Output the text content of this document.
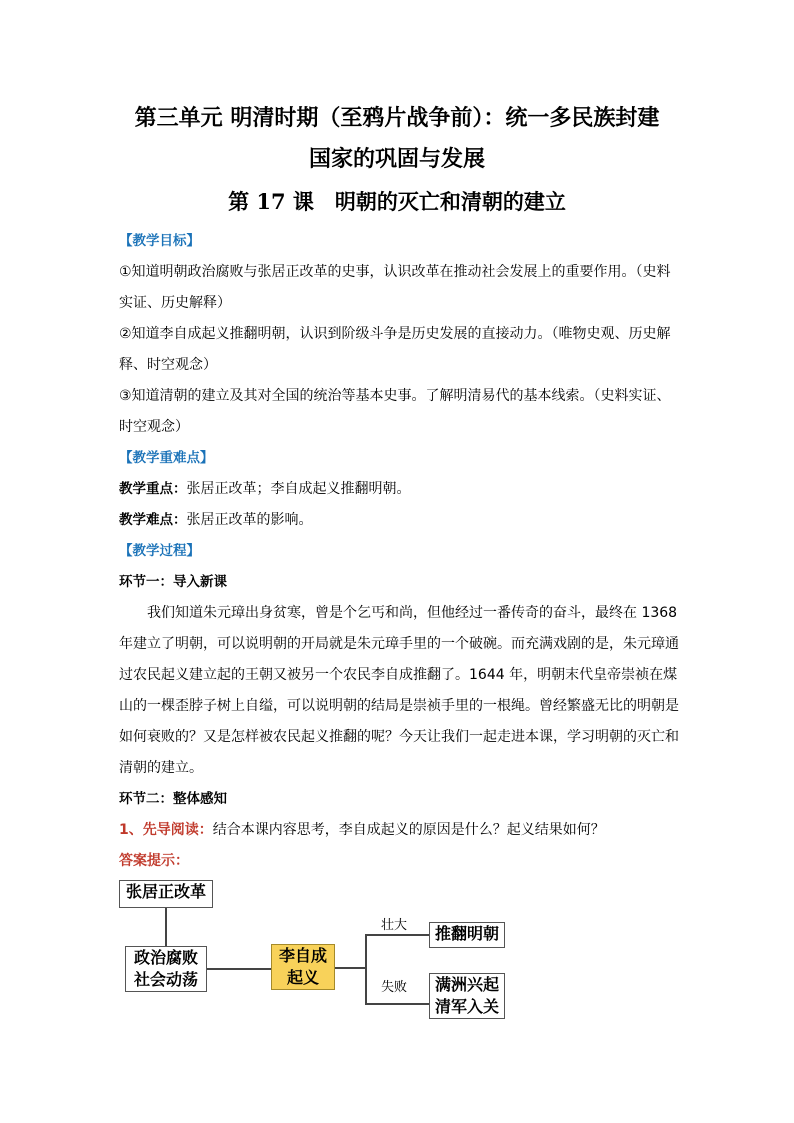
第三单元 明清时期（至鸦片战争前）：统一多民族封建
国家的巩固与发展
第 17 课　明朝的灭亡和清朝的建立
【教学目标】
①知道明朝政治腐败与张居正改革的史事，认识改革在推动社会发展上的重要作用。（史料
实证、历史解释）
②知道李自成起义推翻明朝，认识到阶级斗争是历史发展的直接动力。（唯物史观、历史解
释、时空观念）
③知道清朝的建立及其对全国的统治等基本史事。了解明清易代的基本线索。（史料实证、
时空观念）
【教学重难点】
教学重点：张居正改革；李自成起义推翻明朝。
教学难点：张居正改革的影响。
【教学过程】
环节一：导入新课
我们知道朱元璋出身贫寒，曾是个乞丐和尚，但他经过一番传奇的奋斗，最终在 1368
年建立了明朝，可以说明朝的开局就是朱元璋手里的一个破碗。而充满戏剧的是，朱元璋通
过农民起义建立起的王朝又被另一个农民李自成推翻了。1644 年，明朝末代皇帝崇祯在煤
山的一棵歪脖子树上自缢，可以说明朝的结局是崇祯手里的一根绳。曾经繁盛无比的明朝是
如何衰败的？又是怎样被农民起义推翻的呢？今天让我们一起走进本课，学习明朝的灭亡和
清朝的建立。
环节二：整体感知
1、先导阅读：结合本课内容思考，李自成起义的原因是什么？起义结果如何？
答案提示：
张居正改革
政治腐败
社会动荡
李自成
起义
壮大
失败
推翻明朝
满洲兴起
清军入关
